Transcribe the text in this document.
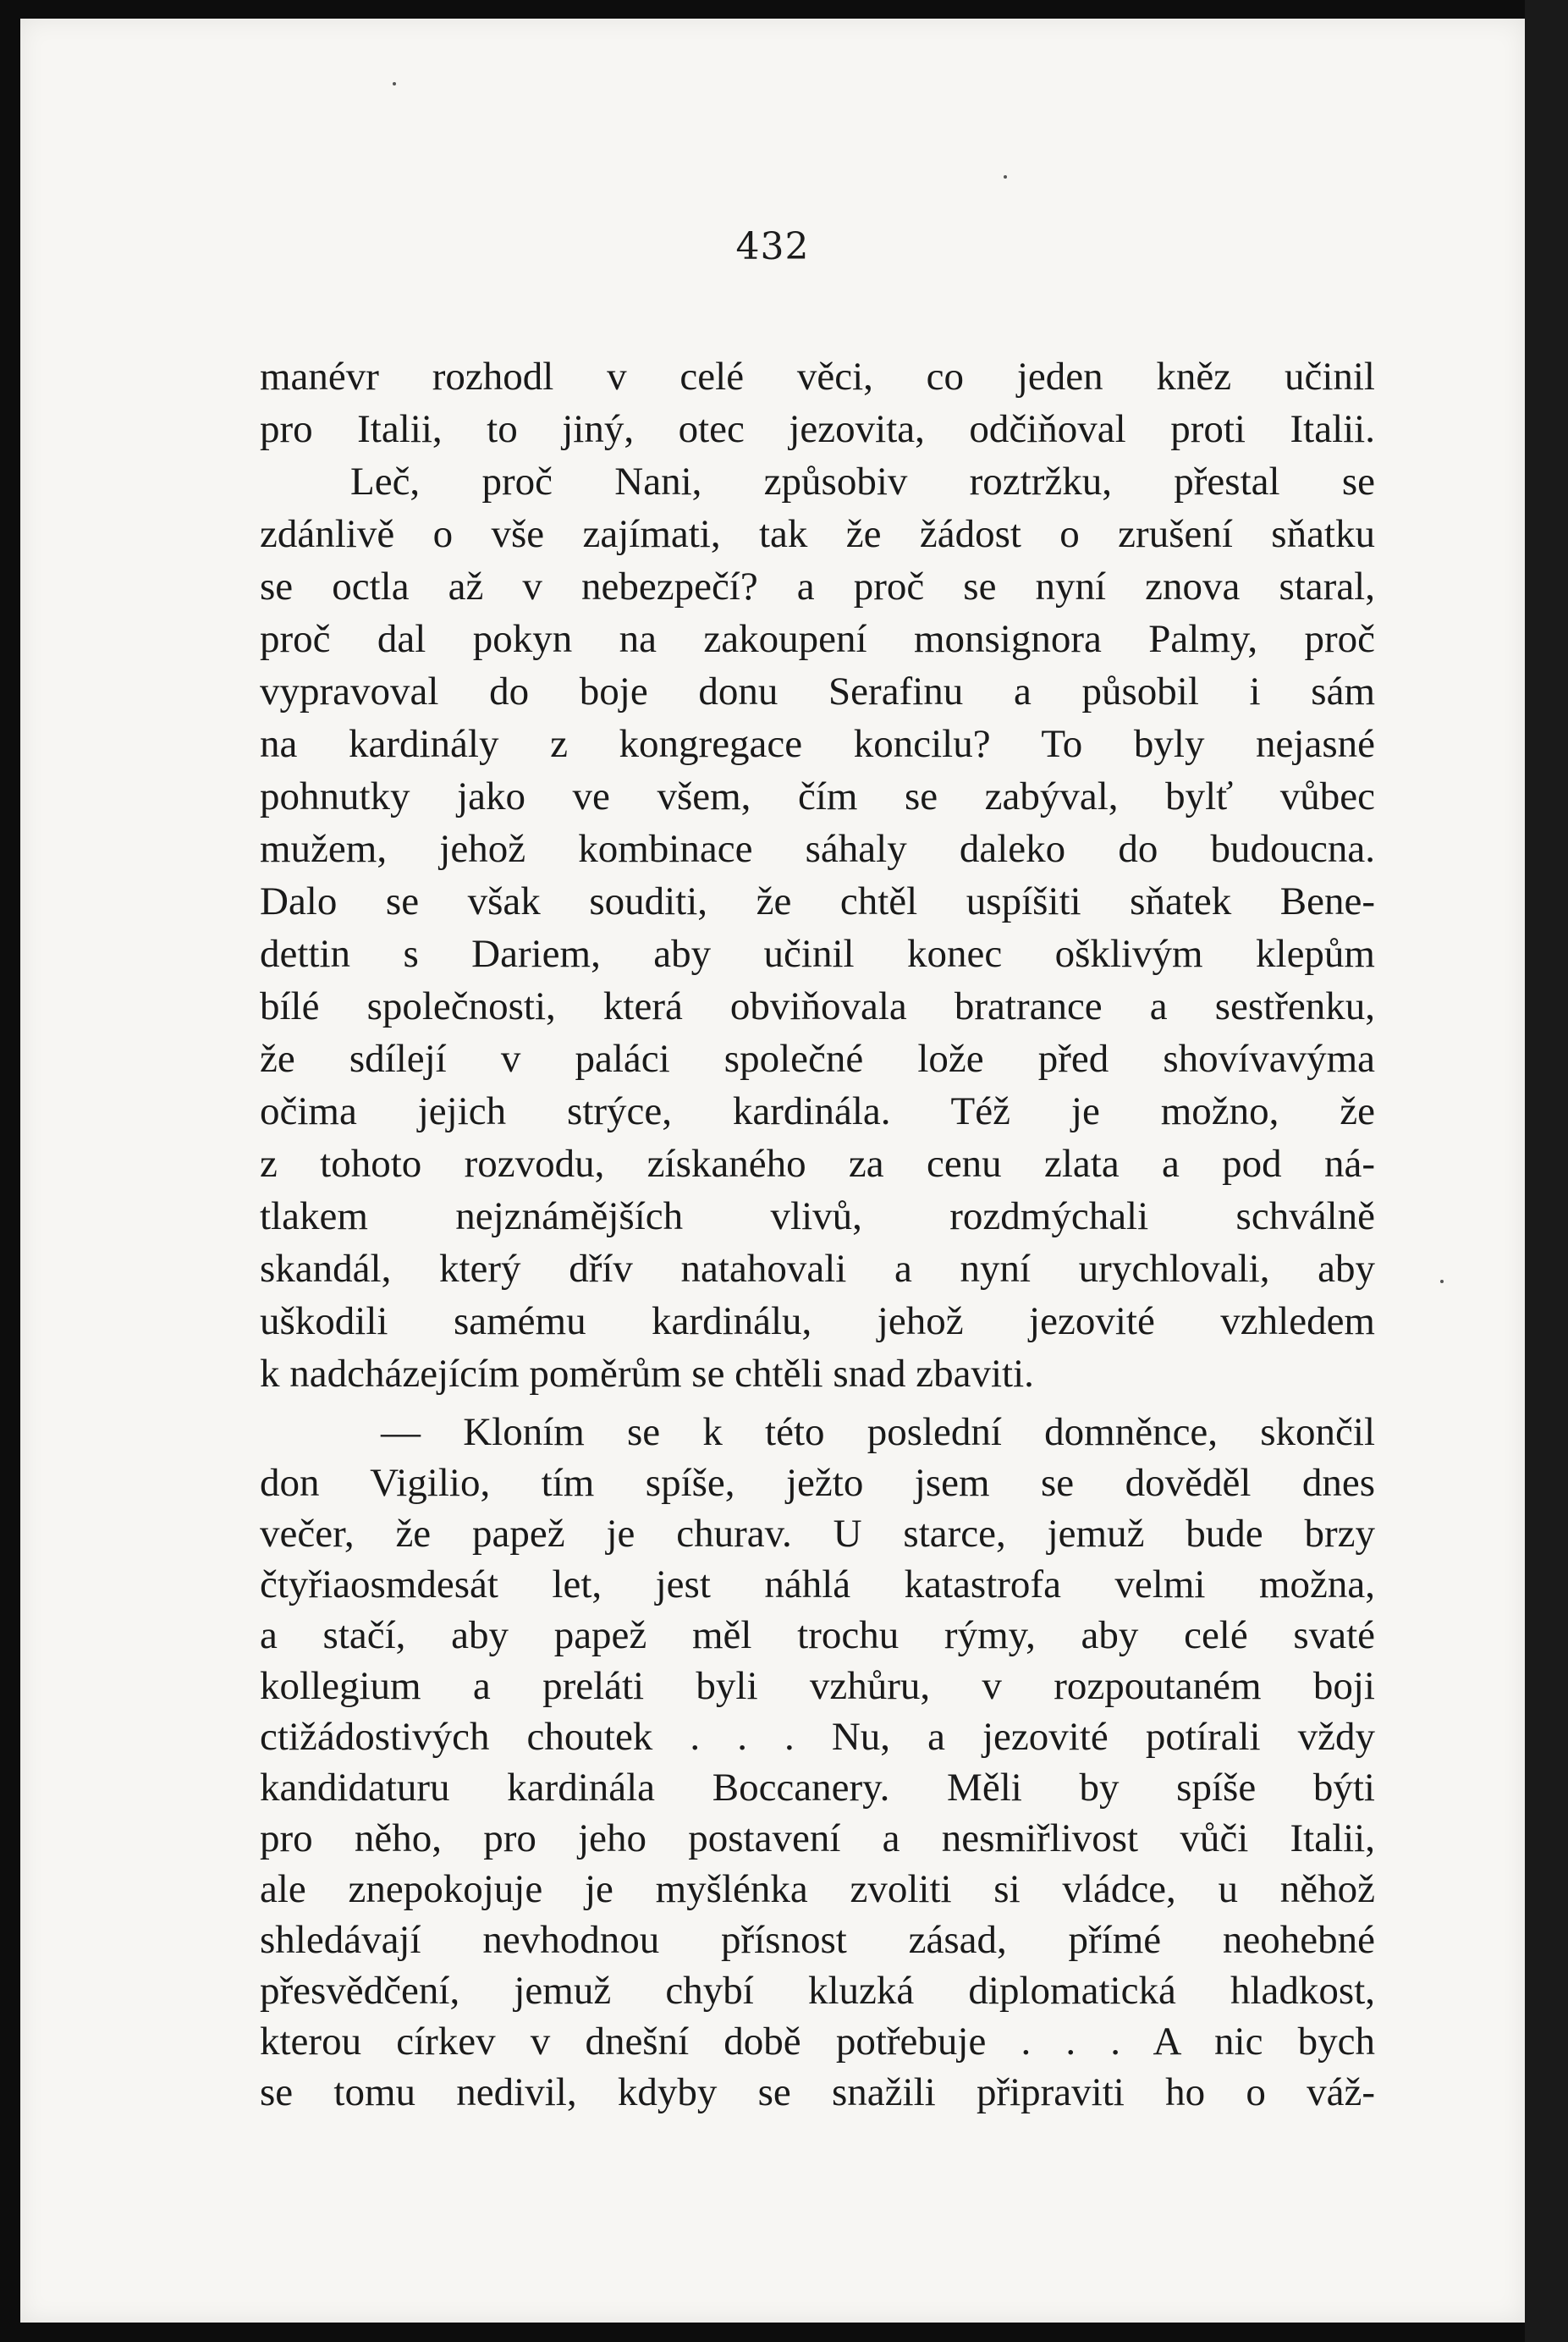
432
manévr rozhodl v celé věci, co jeden kněz učinil
pro Italii, to jiný, otec jezovita, odčiňoval proti Italii.
Leč, proč Nani, způsobiv roztržku, přestal se
zdánlivě o vše zajímati, tak že žádost o zrušení sňatku
se octla až v nebezpečí? a proč se nyní znova staral,
proč dal pokyn na zakoupení monsignora Palmy, proč
vypravoval do boje donu Serafinu a působil i sám
na kardinály z kongregace koncilu? To byly nejasné
pohnutky jako ve všem, čím se zabýval, bylť vůbec
mužem, jehož kombinace sáhaly daleko do budoucna.
Dalo se však souditi, že chtěl uspíšiti sňatek Bene-
dettin s Dariem, aby učinil konec ošklivým klepům
bílé společnosti, která obviňovala bratrance a sestřenku,
že sdílejí v paláci společné lože před shovívavýma
očima jejich strýce, kardinála. Též je možno, že
z tohoto rozvodu, získaného za cenu zlata a pod ná-
tlakem nejznámějších vlivů, rozdmýchali schválně
skandál, který dřív natahovali a nyní urychlovali, aby
uškodili samému kardinálu, jehož jezovité vzhledem
k nadcházejícím poměrům se chtěli snad zbaviti.
— Klоním se k této poslední domněnce, skončil
don Vigilio, tím spíše, ježto jsem se dověděl dnes
večer, že papež je churav. U starce, jemuž bude brzy
čtyřiaosmdesát let, jest náhlá katastrofa velmi možna,
a stačí, aby papež měl trochu rýmy, aby celé svaté
kollegium a preláti byli vzhůru, v rozpoutaném boji
ctižádostivých choutek . . . Nu, a jezovité potírali vždy
kandidaturu kardinála Boccanery. Měli by spíše býti
pro něho, pro jeho postavení a nesmiřlivost vůči Italii,
ale znepokojuje je myšlénka zvoliti si vládce, u něhož
shledávají nevhodnou přísnost zásad, přímé neohebné
přesvědčení, jemuž chybí kluzká diplomatická hladkost,
kterou církev v dnešní době potřebuje . . . A nic bych
se tomu nedivil, kdyby se snažili připraviti ho o váž-
